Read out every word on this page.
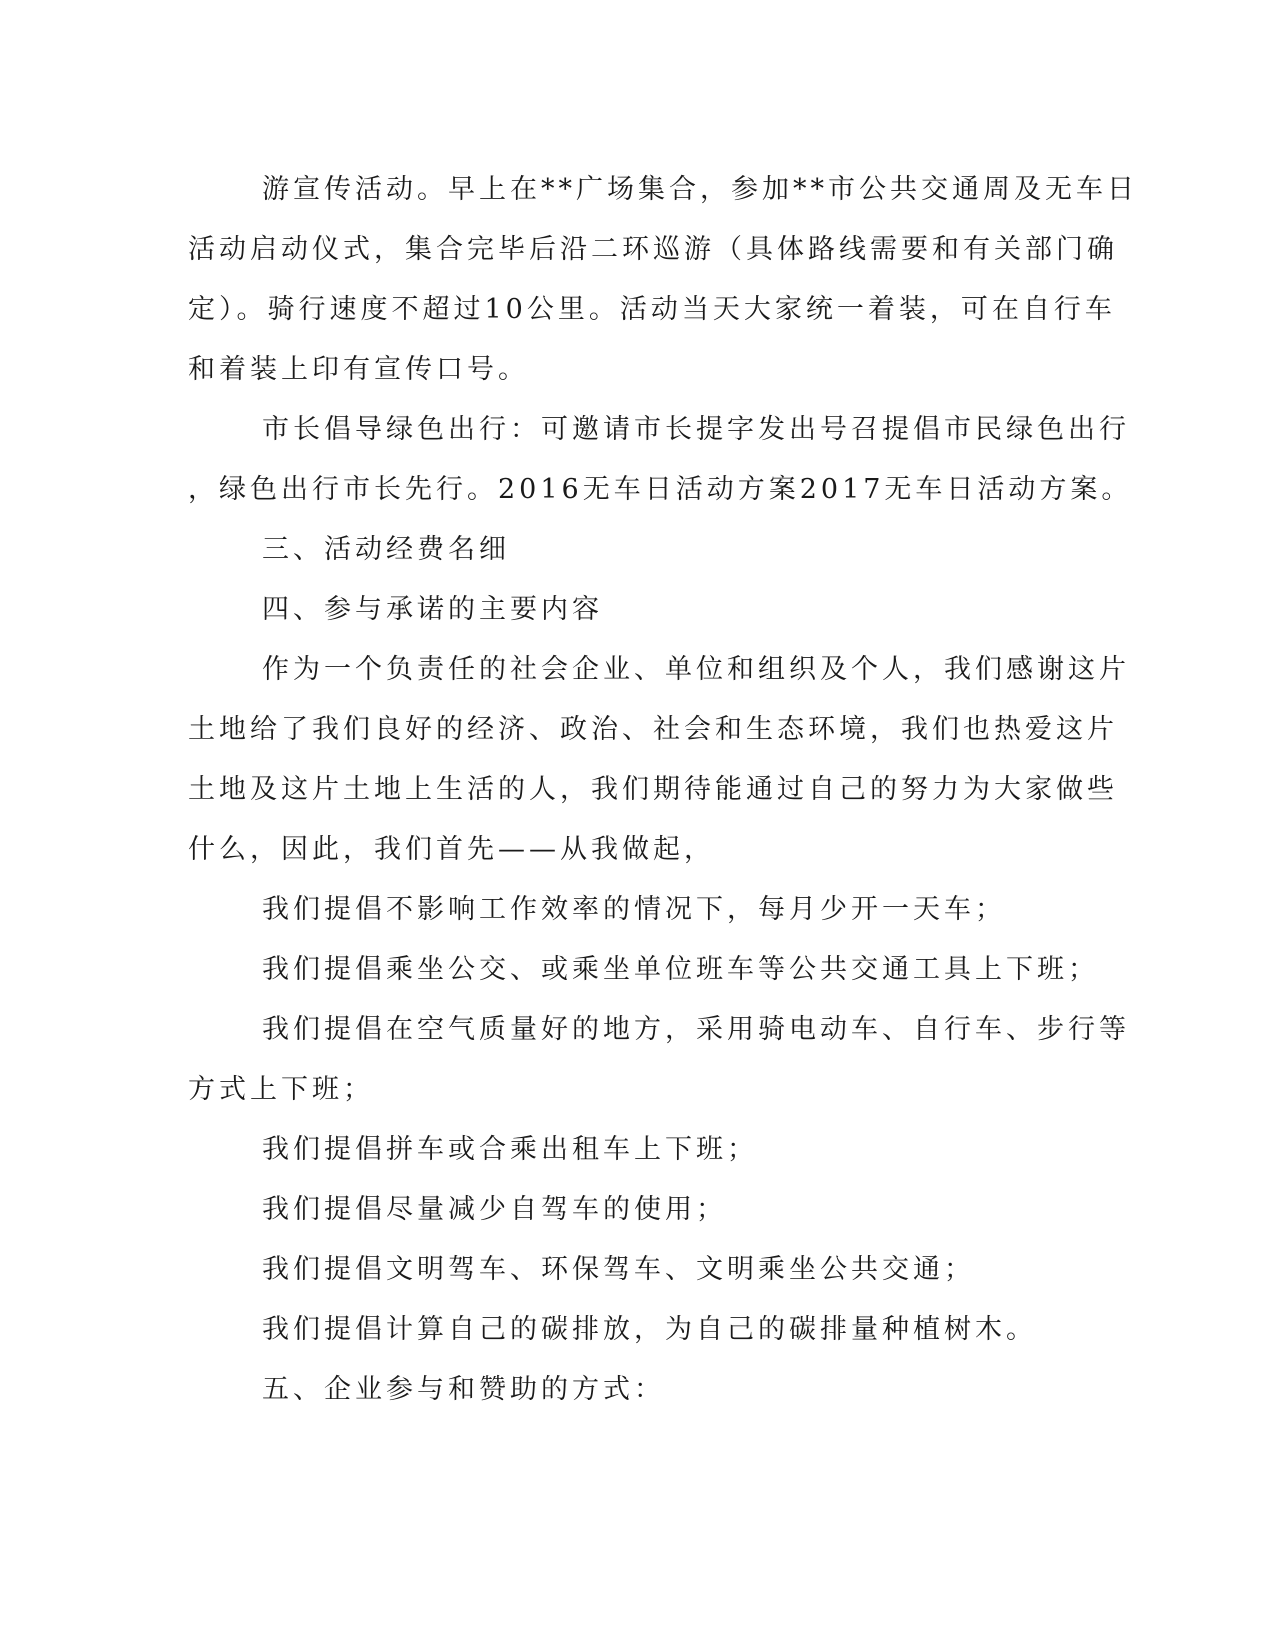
游宣传活动。早上在**广场集合，参加**市公共交通周及无车日
活动启动仪式，集合完毕后沿二环巡游（具体路线需要和有关部门确
定）。骑行速度不超过10公里。活动当天大家统一着装，可在自行车
和着装上印有宣传口号。
市长倡导绿色出行：可邀请市长提字发出号召提倡市民绿色出行
，绿色出行市长先行。2016无车日活动方案2017无车日活动方案。
三、活动经费名细
四、参与承诺的主要内容
作为一个负责任的社会企业、单位和组织及个人，我们感谢这片
土地给了我们良好的经济、政治、社会和生态环境，我们也热爱这片
土地及这片土地上生活的人，我们期待能通过自己的努力为大家做些
什么，因此，我们首先——从我做起，
我们提倡不影响工作效率的情况下，每月少开一天车；
我们提倡乘坐公交、或乘坐单位班车等公共交通工具上下班；
我们提倡在空气质量好的地方，采用骑电动车、自行车、步行等
方式上下班；
我们提倡拼车或合乘出租车上下班；
我们提倡尽量减少自驾车的使用；
我们提倡文明驾车、环保驾车、文明乘坐公共交通；
我们提倡计算自己的碳排放，为自己的碳排量种植树木。
五、企业参与和赞助的方式：
